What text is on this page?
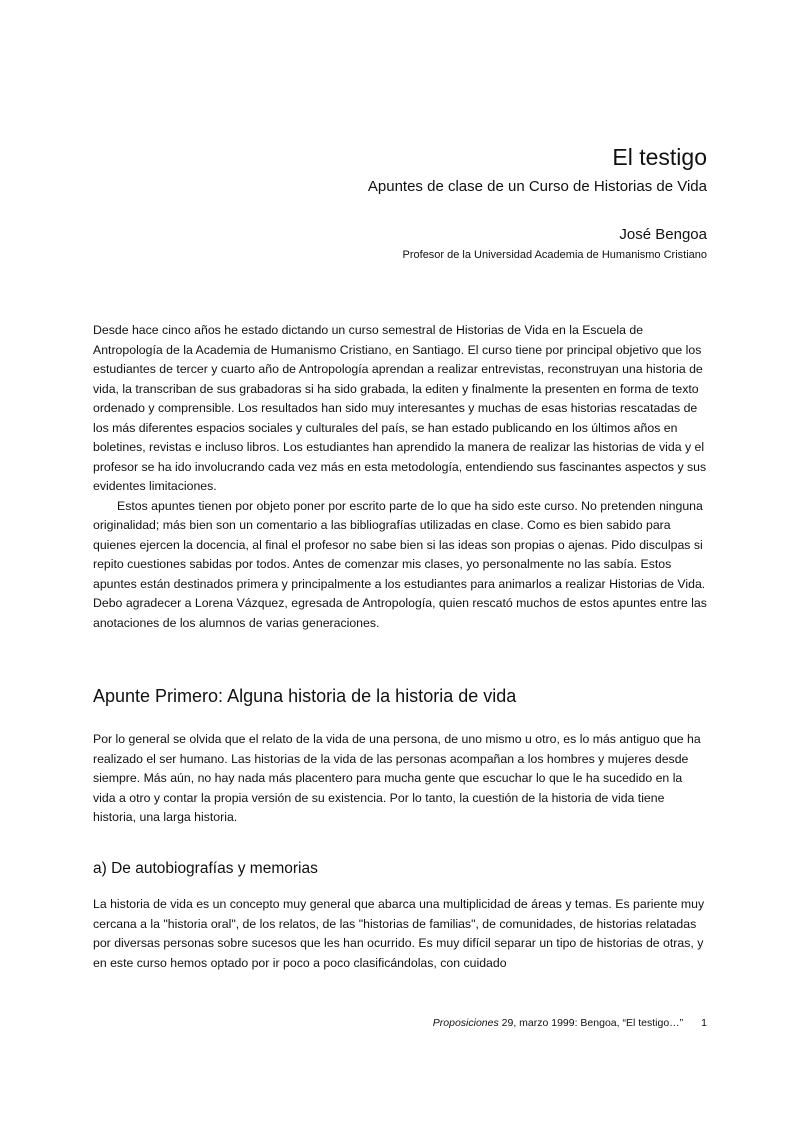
El testigo
Apuntes de clase de un Curso de Historias de Vida
José Bengoa
Profesor de la Universidad Academia de Humanismo Cristiano

Desde hace cinco años he estado dictando un curso semestral de Historias de Vida en la Escuela de Antropología de la Academia de Humanismo Cristiano, en Santiago. El curso tiene por principal objetivo que los estudiantes de tercer y cuarto año de Antropología aprendan a realizar entrevistas, reconstruyan una historia de vida, la transcriban de sus grabadoras si ha sido grabada, la editen y finalmente la presenten en forma de texto ordenado y comprensible. Los resultados han sido muy interesantes y muchas de esas historias rescatadas de los más diferentes espacios sociales y culturales del país, se han estado publicando en los últimos años en boletines, revistas e incluso libros. Los estudiantes han aprendido la manera de realizar las historias de vida y el profesor se ha ido involucrando cada vez más en esta metodología, entendiendo sus fascinantes aspectos y sus evidentes limitaciones.

Estos apuntes tienen por objeto poner por escrito parte de lo que ha sido este curso. No pretenden ninguna originalidad; más bien son un comentario a las bibliografías utilizadas en clase. Como es bien sabido para quienes ejercen la docencia, al final el profesor no sabe bien si las ideas son propias o ajenas. Pido disculpas si repito cuestiones sabidas por todos. Antes de comenzar mis clases, yo personalmente no las sabía. Estos apuntes están destinados primera y principalmente a los estudiantes para animarlos a realizar Historias de Vida. Debo agradecer a Lorena Vázquez, egresada de Antropología, quien rescató muchos de estos apuntes entre las anotaciones de los alumnos de varias generaciones.

Apunte Primero: Alguna historia de la historia de vida

Por lo general se olvida que el relato de la vida de una persona, de uno mismo u otro, es lo más antiguo que ha realizado el ser humano. Las historias de la vida de las personas acompañan a los hombres y mujeres desde siempre. Más aún, no hay nada más placentero para mucha gente que escuchar lo que le ha sucedido en la vida a otro y contar la propia versión de su existencia. Por lo tanto, la cuestión de la historia de vida tiene historia, una larga historia.

a) De autobiografías y memorias

La historia de vida es un concepto muy general que abarca una multiplicidad de áreas y temas. Es pariente muy cercana a la "historia oral", de los relatos, de las "historias de familias", de comunidades, de historias relatadas por diversas personas sobre sucesos que les han ocurrido. Es muy difícil separar un tipo de historias de otras, y en este curso hemos optado por ir poco a poco clasificándolas, con cuidado

Proposiciones 29, marzo 1999: Bengoa, “El testigo…” 1
